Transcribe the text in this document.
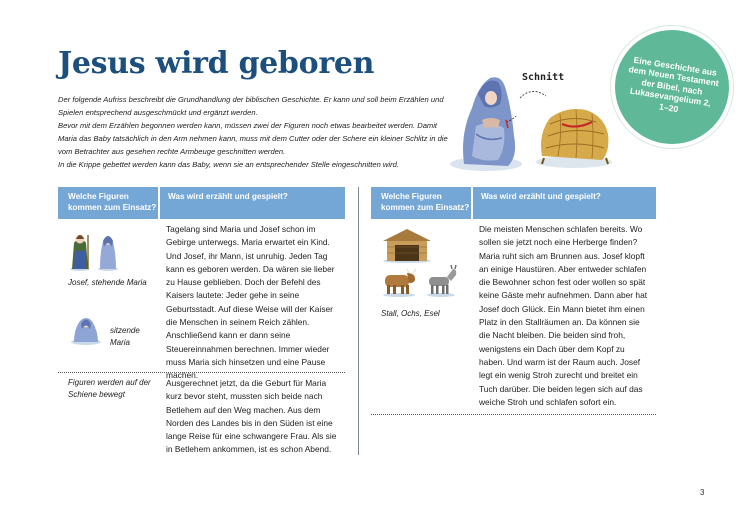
Jesus wird geboren

Der folgende Aufriss beschreibt die Grundhandlung der biblischen Geschichte. Er kann und soll beim Erzählen und Spielen entsprechend ausgeschmückt und ergänzt werden.

Bevor mit dem Erzählen begonnen werden kann, müssen zwei der Figuren noch etwas bearbeitet werden. Damit Maria das Baby tatsächlich in den Arm nehmen kann, muss mit dem Cutter oder der Schere ein kleiner Schlitz in die vom Betrachter aus gesehen rechte Armbeuge geschnitten werden.

In die Krippe gebettet werden kann das Baby, wenn sie an entsprechender Stelle eingeschnitten wird.

Schnitt
Eine Geschichte aus dem Neuen Testament der Bibel, nach Lukasevangelium 2, 1–20
Welche Figuren kommen zum Einsatz?
Was wird erzählt und gespielt?
Josef, stehende Maria
sitzende Maria
Tagelang sind Maria und Josef schon im Gebirge unterwegs. Maria erwartet ein Kind. Und Josef, ihr Mann, ist unruhig. Jeden Tag kann es geboren werden. Da wären sie lieber zu Hause geblieben. Doch der Befehl des Kaisers lautete: Jeder gehe in seine Geburtsstadt. Auf diese Weise will der Kaiser die Menschen in seinem Reich zählen. Anschließend kann er dann seine Steuereinnahmen berechnen. Immer wieder muss Maria sich hinsetzen und eine Pause machen.
Figuren werden auf der Schiene bewegt
Ausgerechnet jetzt, da die Geburt für Maria kurz bevor steht, mussten sich beide nach Betlehem auf den Weg machen. Aus dem Norden des Landes bis in den Süden ist eine lange Reise für eine schwangere Frau. Als sie in Betlehem ankommen, ist es schon Abend.
Welche Figuren kommen zum Einsatz?
Was wird erzählt und gespielt?
Stall, Ochs, Esel
Die meisten Menschen schlafen bereits. Wo sollen sie jetzt noch eine Herberge finden? Maria ruht sich am Brunnen aus. Josef klopft an einige Haustüren. Aber entweder schlafen die Bewohner schon fest oder wollen so spät keine Gäste mehr aufnehmen. Dann aber hat Josef doch Glück. Ein Mann bietet ihm einen Platz in den Stallräumen an. Da können sie die Nacht bleiben. Die beiden sind froh, wenigstens ein Dach über dem Kopf zu haben. Und warm ist der Raum auch. Josef legt ein wenig Stroh zurecht und breitet ein Tuch darüber. Die beiden legen sich auf das weiche Stroh und schlafen sofort ein.
3
